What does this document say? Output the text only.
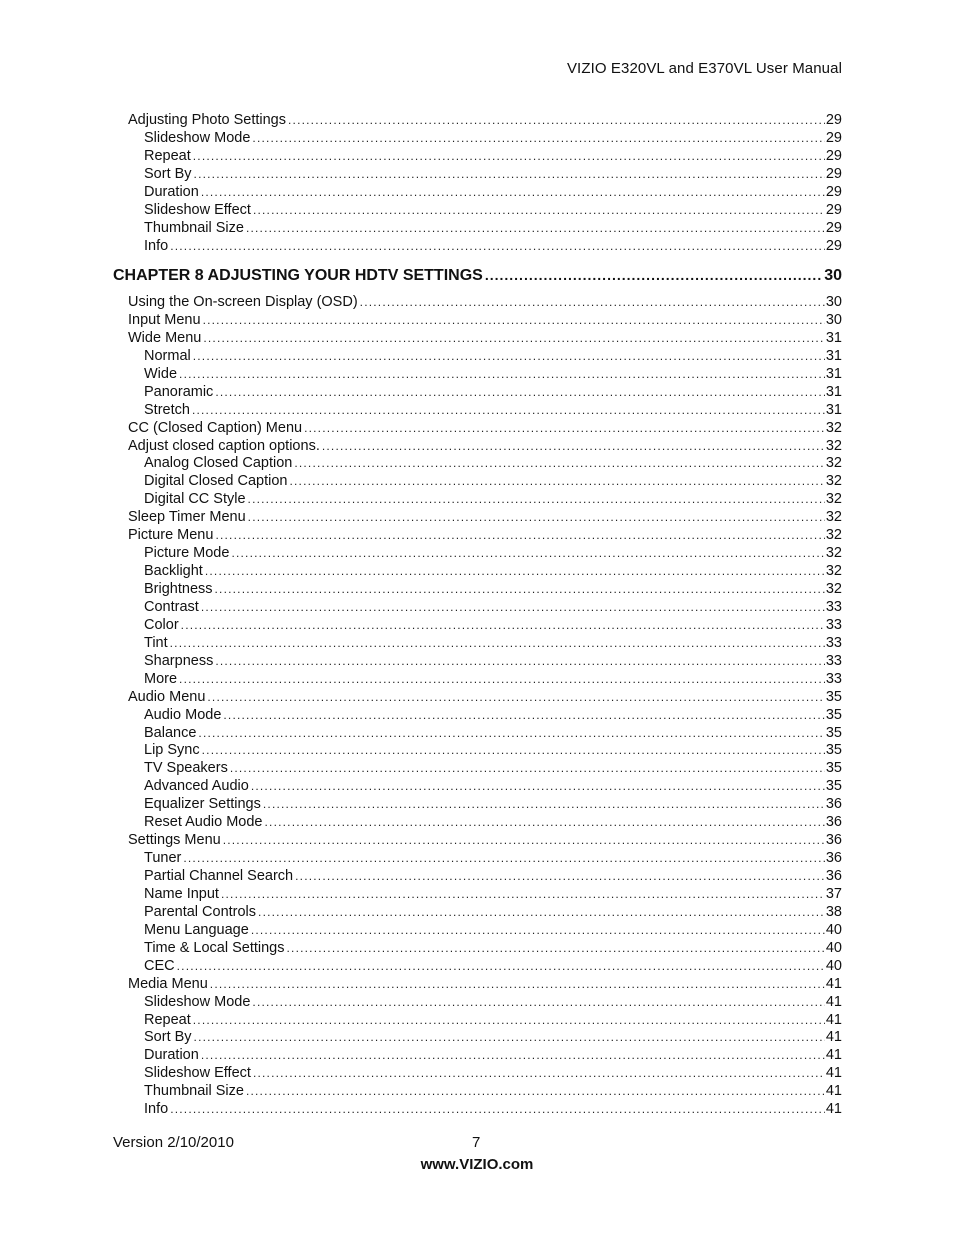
VIZIO E320VL and E370VL User Manual
Adjusting Photo Settings .....	29
Slideshow Mode .....	29
Repeat .....	29
Sort By .....	29
Duration .....	29
Slideshow Effect .....	29
Thumbnail Size .....	29
Info .....	29
CHAPTER 8 ADJUSTING YOUR HDTV SETTINGS .....	30
Using the On-screen Display (OSD) .....	30
Input Menu .....	30
Wide Menu .....	31
Normal .....	31
Wide .....	31
Panoramic .....	31
Stretch .....	31
CC (Closed Caption) Menu .....	32
Adjust closed caption options. .....	32
Analog Closed Caption .....	32
Digital Closed Caption .....	32
Digital CC Style .....	32
Sleep Timer Menu .....	32
Picture Menu .....	32
Picture Mode .....	32
Backlight .....	32
Brightness .....	32
Contrast .....	33
Color .....	33
Tint .....	33
Sharpness .....	33
More .....	33
Audio Menu .....	35
Audio Mode .....	35
Balance .....	35
Lip Sync .....	35
TV Speakers .....	35
Advanced Audio .....	35
Equalizer Settings .....	36
Reset Audio Mode .....	36
Settings Menu .....	36
Tuner .....	36
Partial Channel Search .....	36
Name Input .....	37
Parental Controls .....	38
Menu Language .....	40
Time & Local Settings .....	40
CEC .....	40
Media Menu .....	41
Slideshow Mode .....	41
Repeat .....	41
Sort By .....	41
Duration .....	41
Slideshow Effect .....	41
Thumbnail Size .....	41
Info .....	41
Version 2/10/2010	7
www.VIZIO.com
